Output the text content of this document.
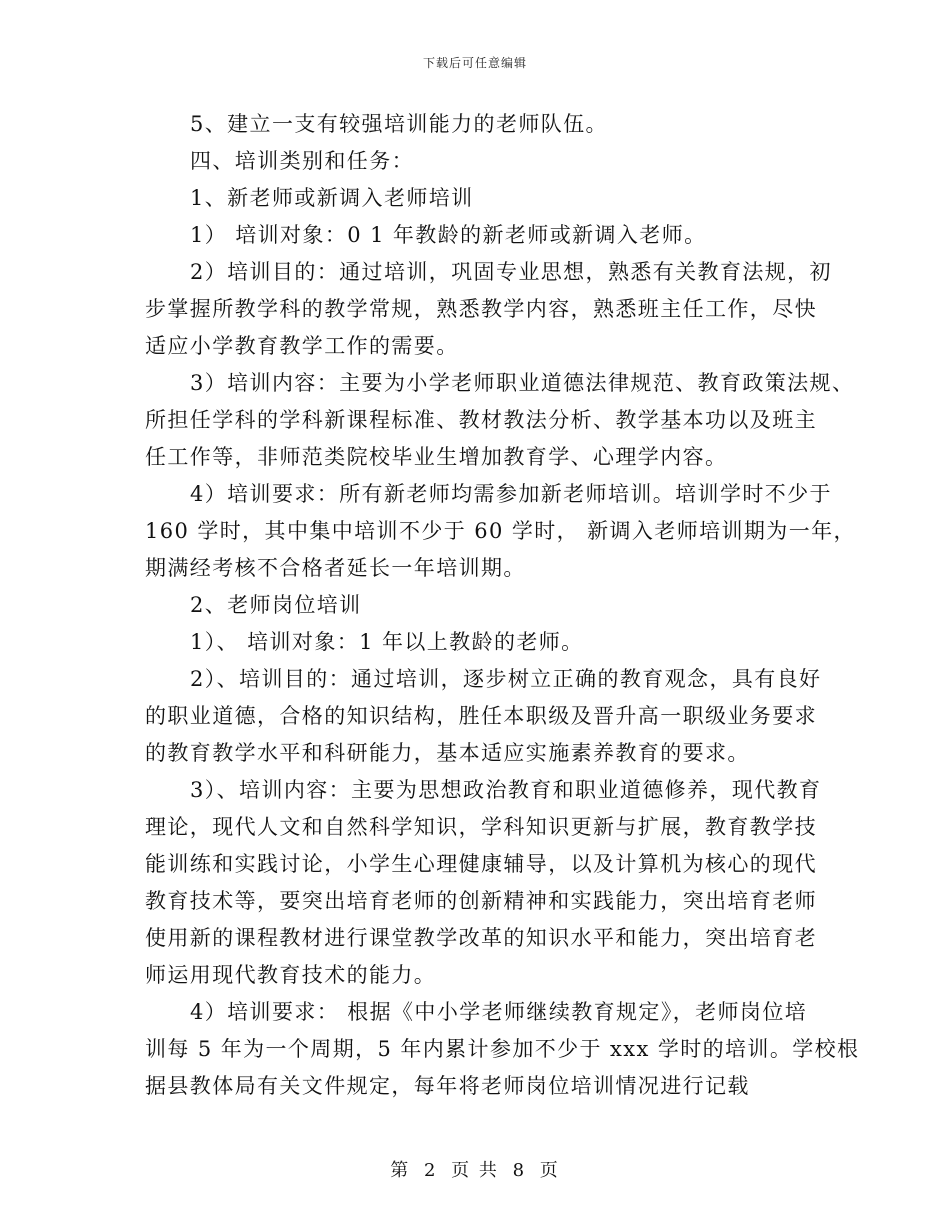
下载后可任意编辑
5、建立一支有较强培训能力的老师队伍。
四、培训类别和任务：
1、新老师或新调入老师培训
1） 培训对象：0 1 年教龄的新老师或新调入老师。
2）培训目的：通过培训，巩固专业思想，熟悉有关教育法规，初
步掌握所教学科的教学常规，熟悉教学内容，熟悉班主任工作，尽快
适应小学教育教学工作的需要。
3）培训内容：主要为小学老师职业道德法律规范、教育政策法规、
所担任学科的学科新课程标准、教材教法分析、教学基本功以及班主
任工作等，非师范类院校毕业生增加教育学、心理学内容。
4）培训要求：所有新老师均需参加新老师培训。培训学时不少于
160 学时，其中集中培训不少于 60 学时， 新调入老师培训期为一年，
期满经考核不合格者延长一年培训期。
2、老师岗位培训
1）、 培训对象：1 年以上教龄的老师。
2）、培训目的：通过培训，逐步树立正确的教育观念，具有良好
的职业道德，合格的知识结构，胜任本职级及晋升高一职级业务要求
的教育教学水平和科研能力，基本适应实施素养教育的要求。
3）、培训内容：主要为思想政治教育和职业道德修养，现代教育
理论，现代人文和自然科学知识，学科知识更新与扩展，教育教学技
能训练和实践讨论，小学生心理健康辅导，以及计算机为核心的现代
教育技术等，要突出培育老师的创新精神和实践能力，突出培育老师
使用新的课程教材进行课堂教学改革的知识水平和能力，突出培育老
师运用现代教育技术的能力。
4）培训要求： 根据《中小学老师继续教育规定》，老师岗位培
训每 5 年为一个周期，5 年内累计参加不少于 xxx 学时的培训。学校根
据县教体局有关文件规定，每年将老师岗位培训情况进行记载
第 2 页 共 8 页
